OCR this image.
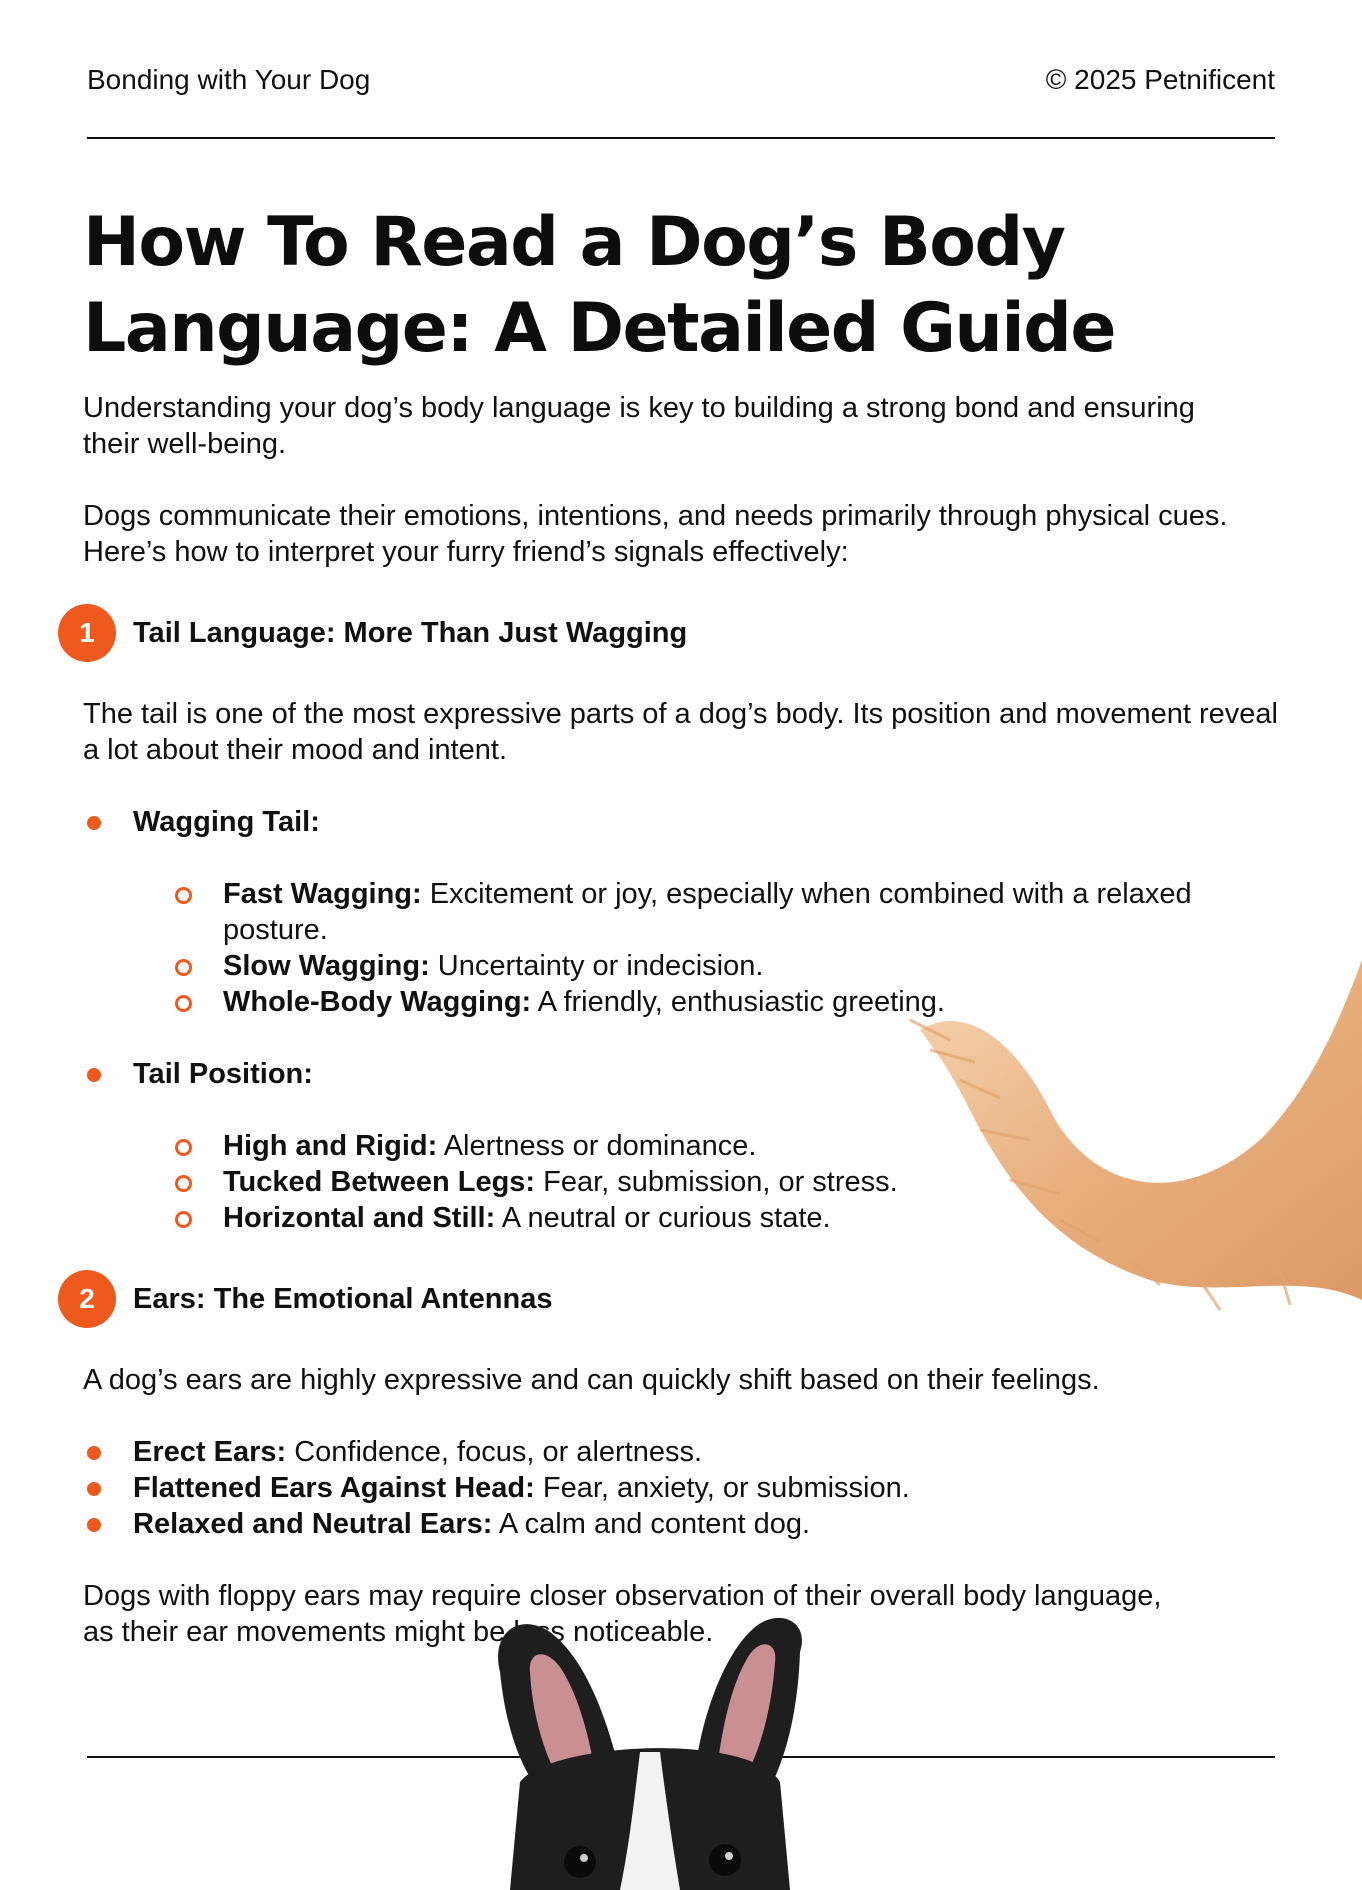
Bonding with Your Dog	© 2025 Petnificent
How To Read a Dog’s Body Language: A Detailed Guide

Understanding your dog’s body language is key to building a strong bond and ensuring their well-being.

Dogs communicate their emotions, intentions, and needs primarily through physical cues. Here’s how to interpret your furry friend’s signals effectively:

1	Tail Language: More Than Just Wagging

The tail is one of the most expressive parts of a dog’s body. Its position and movement reveal a lot about their mood and intent.

Wagging Tail:
Fast Wagging: Excitement or joy, especially when combined with a relaxed posture.
Slow Wagging: Uncertainty or indecision.
Whole-Body Wagging: A friendly, enthusiastic greeting.
Tail Position:
High and Rigid: Alertness or dominance.
Tucked Between Legs: Fear, submission, or stress.
Horizontal and Still: A neutral or curious state.
2	Ears: The Emotional Antennas

A dog’s ears are highly expressive and can quickly shift based on their feelings.

Erect Ears: Confidence, focus, or alertness.
Flattened Ears Against Head: Fear, anxiety, or submission.
Relaxed and Neutral Ears: A calm and content dog.

Dogs with floppy ears may require closer observation of their overall body language, as their ear movements might be less noticeable.
